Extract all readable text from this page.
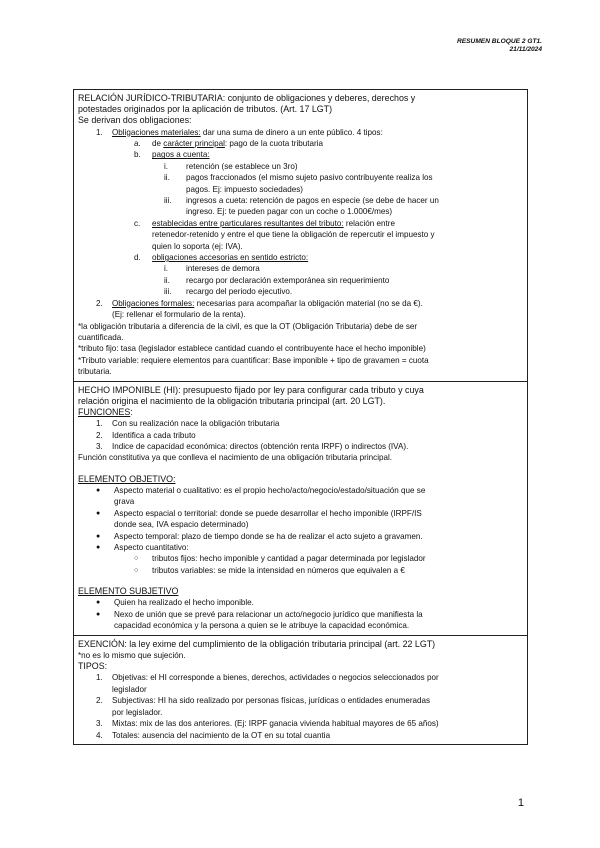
RESUMEN BLOQUE 2 GT1.
21/11/2024
RELACIÓN JURÍDICO-TRIBUTARIA: conjunto de obligaciones y deberes, derechos y
potestades originados por la aplicación de tributos. (Art. 17 LGT)
Se derivan dos obligaciones:
1.	Obligaciones materiales: dar una suma de dinero a un ente público. 4 tipos:
a.	de carácter principal: pago de la cuota tributaria
b.	pagos a cuenta:
i.	retención (se establece un 3ro)
ii.	pagos fraccionados (el mismo sujeto pasivo contribuyente realiza los
pagos. Ej: impuesto sociedades)
iii.	ingresos a cueta: retención de pagos en especie (se debe de hacer un
ingreso. Ej: te pueden pagar con un coche o 1.000€/mes)
c.	establecidas entre particulares resultantes del tributo: relación entre
retenedor-retenido y entre el que tiene la obligación de repercutir el impuesto y
quien lo soporta (ej: IVA).
d.	obligaciones accesorias en sentido estricto:
i.	intereses de demora
ii.	recargo por declaración extemporánea sin requerimiento
iii.	recargo del periodo ejecutivo.
2.	Obligaciones formales: necesarias para acompañar la obligación material (no se da €).
(Ej: rellenar el formulario de la renta).
*la obligación tributaria a diferencia de la civil, es que la OT (Obligación Tributaria) debe de ser
cuantificada.
*tributo fijo: tasa (legislador establece cantidad cuando el contribuyente hace el hecho imponible)
*Tributo variable: requiere elementos para cuantificar: Base imponible + tipo de gravamen = cuota
tributaria.
HECHO IMPONIBLE (HI): presupuesto fijado por ley para configurar cada tributo y cuya
relación origina el nacimiento de la obligación tributaria principal (art. 20 LGT).
FUNCIONES:
1.	Con su realización nace la obligación tributaria
2.	Identifica a cada tributo
3.	Indice de capacidad económica: directos (obtención renta IRPF) o indirectos (IVA).
Función constitutiva ya que conlleva el nacimiento de una obligación tributaria principal.
ELEMENTO OBJETIVO:
●	Aspecto material o cualitativo: es el propio hecho/acto/negocio/estado/situación que se
grava
●	Aspecto espacial o territorial: donde se puede desarrollar el hecho imponible (IRPF/IS
donde sea, IVA espacio determinado)
●	Aspecto temporal: plazo de tiempo donde se ha de realizar el acto sujeto a gravamen.
●	Aspecto cuantitativo:
○	tributos fijos: hecho imponible y cantidad a pagar determinada por legislador
○	tributos variables: se mide la intensidad en números que equivalen a €
ELEMENTO SUBJETIVO
●	Quien ha realizado el hecho imponible.
●	Nexo de unión que se prevé para relacionar un acto/negocio jurídico que manifiesta la
capacidad económica y la persona a quien se le atribuye la capacidad económica.
EXENCIÓN: la ley exime del cumplimiento de la obligación tributaria principal (art. 22 LGT)
*no es lo mismo que sujeción.
TIPOS:
1.	Objetivas: el HI corresponde a bienes, derechos, actividades o negocios seleccionados por
legislador
2.	Subjectivas: HI ha sido realizado por personas físicas, jurídicas o entidades enumeradas
por legislador.
3.	Mixtas: mix de las dos anteriores. (Ej: IRPF ganacia vivienda habitual mayores de 65 años)
4.	Totales: ausencia del nacimiento de la OT en su total cuantia
1
